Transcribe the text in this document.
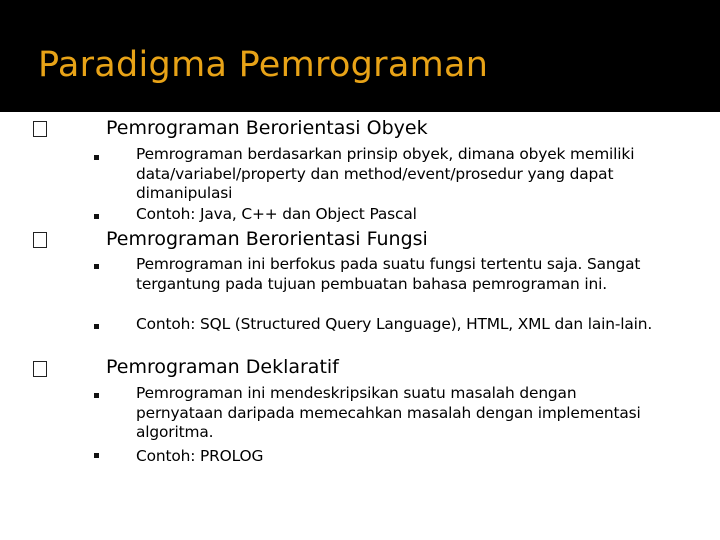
Paradigma Pemrograman
Pemrograman Berorientasi Obyek
Pemrograman berdasarkan prinsip obyek, dimana obyek memiliki data/variabel/property dan method/event/prosedur yang dapat dimanipulasi
Contoh: Java, C++ dan Object Pascal
Pemrograman Berorientasi Fungsi
Pemrograman ini berfokus pada suatu fungsi tertentu saja. Sangat tergantung pada tujuan pembuatan bahasa pemrograman ini.
Contoh: SQL (Structured Query Language), HTML, XML dan lain-lain.
Pemrograman Deklaratif
Pemrograman ini mendeskripsikan suatu masalah dengan pernyataan daripada memecahkan masalah dengan implementasi algoritma.
Contoh: PROLOG
